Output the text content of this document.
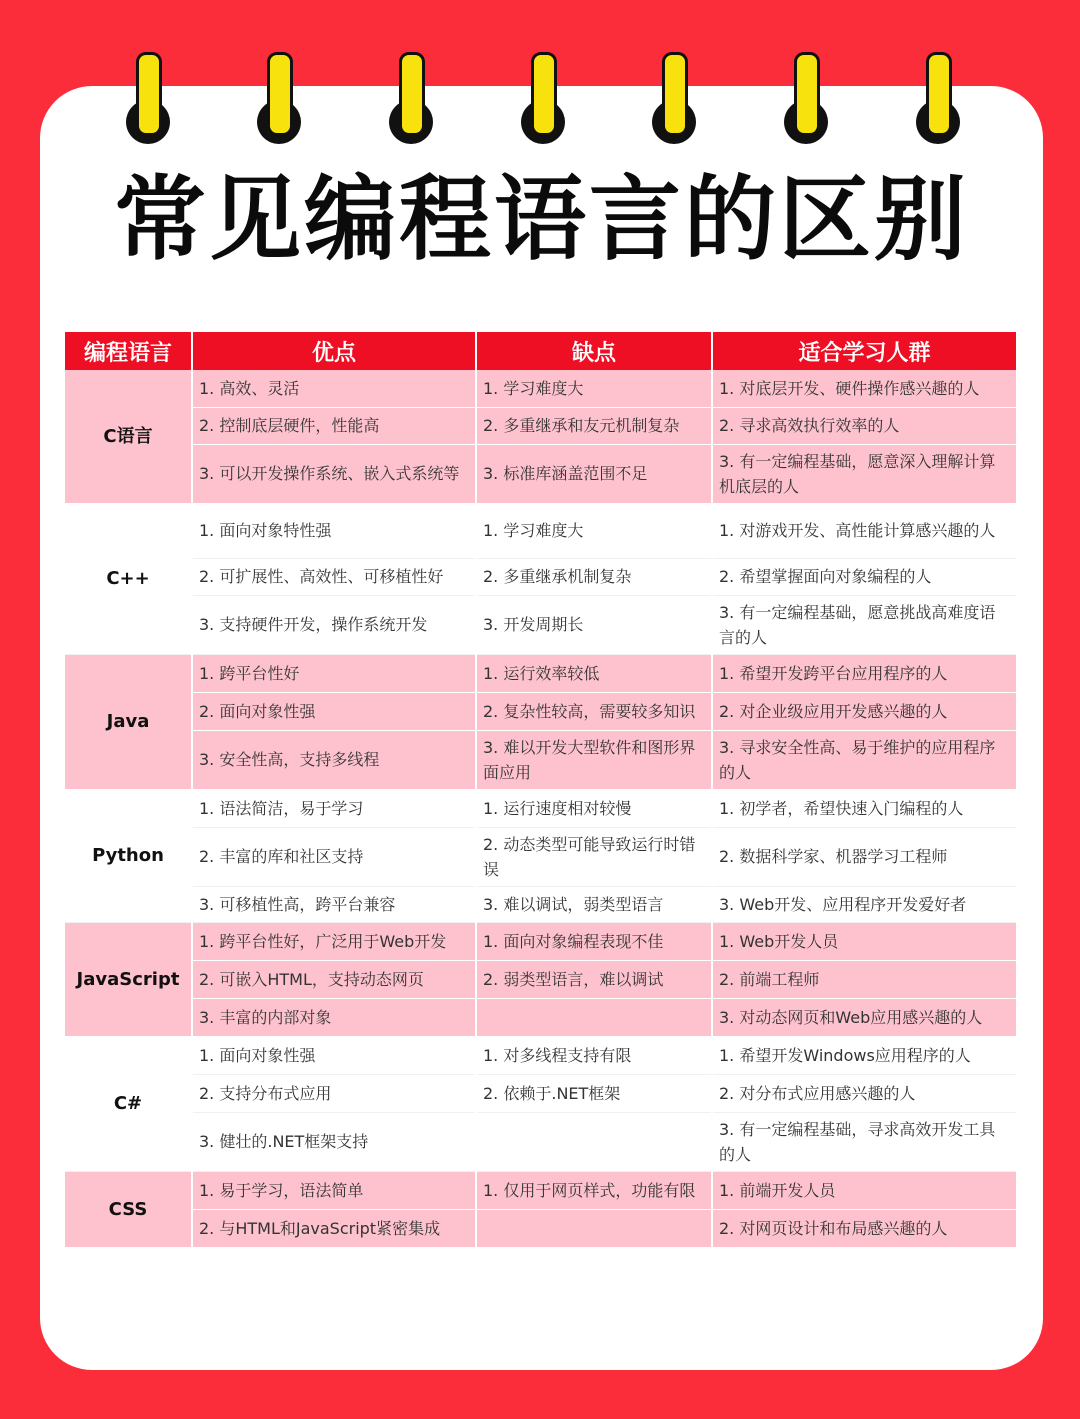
常见编程语言的区别
编程语言	优点	缺点	适合学习人群
C语言	1. 高效、灵活	1. 学习难度大	1. 对底层开发、硬件操作感兴趣的人
	2. 控制底层硬件，性能高	2. 多重继承和友元机制复杂	2. 寻求高效执行效率的人
	3. 可以开发操作系统、嵌入式系统等	3. 标准库涵盖范围不足	3. 有一定编程基础，愿意深入理解计算机底层的人
C++	1. 面向对象特性强	1. 学习难度大	1. 对游戏开发、高性能计算感兴趣的人
	2. 可扩展性、高效性、可移植性好	2. 多重继承机制复杂	2. 希望掌握面向对象编程的人
	3. 支持硬件开发，操作系统开发	3. 开发周期长	3. 有一定编程基础，愿意挑战高难度语言的人
Java	1. 跨平台性好	1. 运行效率较低	1. 希望开发跨平台应用程序的人
	2. 面向对象性强	2. 复杂性较高，需要较多知识	2. 对企业级应用开发感兴趣的人
	3. 安全性高，支持多线程	3. 难以开发大型软件和图形界面应用	3. 寻求安全性高、易于维护的应用程序的人
Python	1. 语法简洁，易于学习	1. 运行速度相对较慢	1. 初学者，希望快速入门编程的人
	2. 丰富的库和社区支持	2. 动态类型可能导致运行时错误	2. 数据科学家、机器学习工程师
	3. 可移植性高，跨平台兼容	3. 难以调试，弱类型语言	3. Web开发、应用程序开发爱好者
JavaScript	1. 跨平台性好，广泛用于Web开发	1. 面向对象编程表现不佳	1. Web开发人员
	2. 可嵌入HTML，支持动态网页	2. 弱类型语言，难以调试	2. 前端工程师
	3. 丰富的内部对象		3. 对动态网页和Web应用感兴趣的人
C#	1. 面向对象性强	1. 对多线程支持有限	1. 希望开发Windows应用程序的人
	2. 支持分布式应用	2. 依赖于.NET框架	2. 对分布式应用感兴趣的人
	3. 健壮的.NET框架支持		3. 有一定编程基础，寻求高效开发工具的人
CSS	1. 易于学习，语法简单	1. 仅用于网页样式，功能有限	1. 前端开发人员
	2. 与HTML和JavaScript紧密集成		2. 对网页设计和布局感兴趣的人
